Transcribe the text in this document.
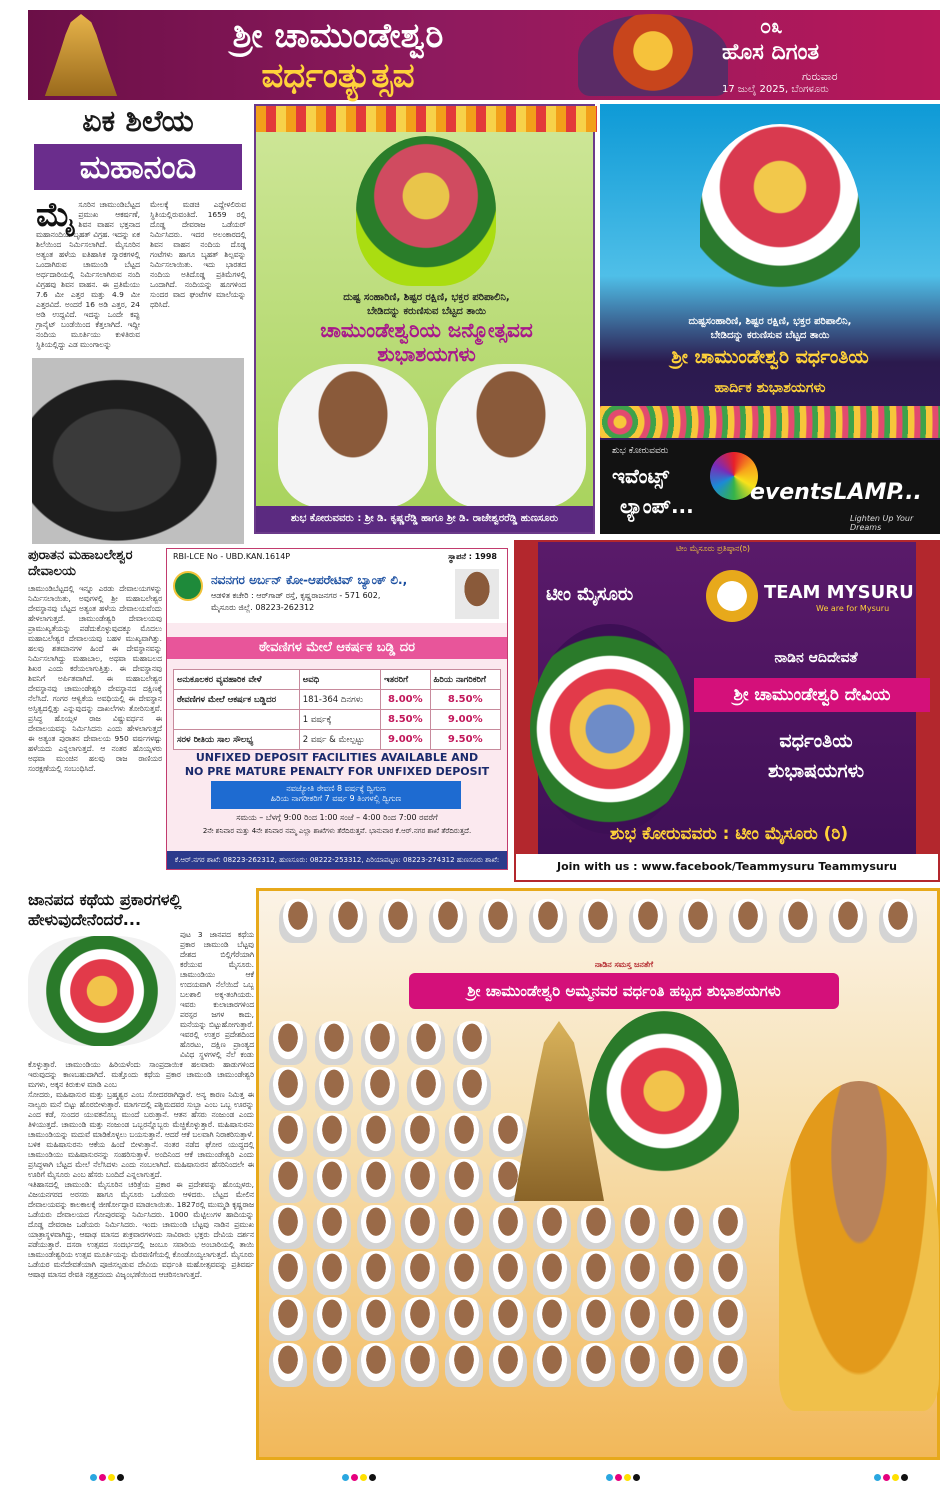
ಶ್ರೀ ಚಾಮುಂಡೇಶ್ವರಿ
ವರ್ಧಂತ್ಯುತ್ಸವ
೦೩
ಹೊಸ ದಿಗಂತ
ಗುರುವಾರ
17 ಜುಲೈ 2025, ಬೆಂಗಳೂರು
ಏಕ ಶಿಲೆಯ
ಮಹಾನಂದಿ
ಮೈಸೂರಿನ ಚಾಮುಂಡಿಬೆಟ್ಟದ ಪ್ರಮುಖ ಆಕರ್ಷಣೆ, ಶಿವನ ವಾಹನ ಭಕ್ತನಾದ ಮಹಾನಂದಿಯ ಬೃಹತ್ ವಿಗ್ರಹ. ಇದನ್ನು ಏಕ ಶಿಲೆಯಿಂದ ನಿರ್ಮಿಸಲಾಗಿದೆ. ಮೈಸೂರಿನ ಅತ್ಯಂತ ಹಳೆಯ ಐತಿಹಾಸಿಕ ಸ್ಮಾರಕಗಳಲ್ಲಿ ಒಂದಾಗಿರುವ ಚಾಮುಂಡಿ ಬೆಟ್ಟದ ಅರ್ಧದಾರಿಯಲ್ಲಿ ನಿರ್ಮಿಸಲಾಗಿರುವ ನಂದಿ ವಿಗ್ರಹವು ಶಿವನ ವಾಹನ. ಈ ಪ್ರತಿಮೆಯು 7.6 ಮೀ ಎತ್ತರ ಮತ್ತು 4.9 ಮೀ ಎತ್ತರವಿದೆ. ಅಂದರೆ 16 ಅಡಿ ಎತ್ತರ, 24 ಅಡಿ ಉದ್ದವಿದೆ. ಇದನ್ನು ಒಂದೇ ಕಪ್ಪು ಗ್ರಾನೈಟ್ ಬಂಡೆಯಿಂದ ಕೆತ್ತಲಾಗಿದೆ. ಇದ್ದೀ ನಂದಿಯ ಮೂರ್ತಿಯು ಕುಳಿತಿರುವ ಸ್ಥಿತಿಯಲ್ಲಿದ್ದು ಎಡ ಮುಂಗಾಲನ್ನು
ಮೇಲಕ್ಕೆ ಮಡಚಿ ಎದ್ದೇಳಲಿರುವ ಸ್ಥಿತಿಯಲ್ಲಿರುವಂತಿದೆ. 1659 ರಲ್ಲಿ ದೊಡ್ಡ ದೇವರಾಜ ಒಡೆಯರ್ ನಿರ್ಮಿಸಿದರು. ಇದರ ಅಲಂಕಾರದಲ್ಲಿ ಶಿವನ ವಾಹನ ನಂದಿಯ ದೊಡ್ಡ ಗಂಟೆಗಳು ಹಾಗೂ ಬೃಹತ್ ಶಿಲ್ಪವನ್ನು ನಿರ್ಮಿಸಲಾಯಿತು. ಇದು ಭಾರತದ ನಂದಿಯ ಅತಿದೊಡ್ಡ ಪ್ರತಿಮೆಗಳಲ್ಲಿ ಒಂದಾಗಿದೆ. ನಂದಿಯನ್ನು ಹೂಗಳಿಂದ ಸುಂದರ ವಾದ ಘಂಟೆಗಳ ಮಾಲೆಯನ್ನು ಧರಿಸಿದೆ.
ದುಷ್ಟ ಸಂಹಾರಿಣಿ, ಶಿಷ್ಟರ ರಕ್ಷಿಣಿ, ಭಕ್ತರ ಪರಿಪಾಲಿನಿ,
ಬೇಡಿದನ್ನು ಕರುಣಿಸುವ ಬೆಟ್ಟದ ತಾಯಿ
ಚಾಮುಂಡೇಶ್ವರಿಯ ಜನ್ಮೋತ್ಸವದ
ಶುಭಾಶಯಗಳು
ಶುಭ ಕೋರುವವರು : ಶ್ರೀ ಡಿ. ಕೃಷ್ಣರೆಡ್ಡಿ ಹಾಗೂ ಶ್ರೀ ಡಿ. ರಾಜೇಶ್ವರರೆಡ್ಡಿ ಹುಣಸೂರು
ದುಷ್ಟಸಂಹಾರಿಣಿ, ಶಿಷ್ಟರ ರಕ್ಷಿಣಿ, ಭಕ್ತರ ಪರಿಪಾಲಿನಿ,
ಬೇಡಿದನ್ನು ಕರುಣಿಸುವ ಬೆಟ್ಟದ ತಾಯಿ
ಶ್ರೀ ಚಾಮುಂಡೇಶ್ವರಿ ವರ್ಧಂತಿಯ
ಹಾರ್ದಿಕ ಶುಭಾಶಯಗಳು
ಶುಭ ಕೋರುವವರು
ಇವೆಂಟ್ಸ್
ಲ್ಯಾಂಪ್...
eventsLAMP...
Lighten Up Your Dreams
ಪುರಾತನ ಮಹಾಬಲೇಶ್ವರ ದೇವಾಲಯ
ಚಾಮುಂಡಿಬೆಟ್ಟದಲ್ಲಿ ಇನ್ನೂ ಎರಡು ದೇವಾಲಯಗಳನ್ನು ನಿರ್ಮಿಸಲಾಯಿತು, ಅವುಗಳಲ್ಲಿ ಶ್ರೀ ಮಹಾಬಲೇಶ್ವರ ದೇವಸ್ಥಾನವು ಬೆಟ್ಟದ ಅತ್ಯಂತ ಹಳೆಯ ದೇವಾಲಯವೆಂದು ಹೇಳಲಾಗುತ್ತದೆ. ಚಾಮುಂಡೇಶ್ವರಿ ದೇವಾಲಯವು ಪ್ರಾಮುಖ್ಯತೆಯನ್ನು ಪಡೆದುಕೊಳ್ಳುವುದಕ್ಕೂ ಮೊದಲು ಮಹಾಬಲೇಶ್ವರ ದೇವಾಲಯವು ಬಹಳ ಮುಖ್ಯವಾಗಿತ್ತು. ಹಲವು ಶತಮಾನಗಳ ಹಿಂದೆ ಈ ದೇವಸ್ಥಾನವನ್ನು ನಿರ್ಮಿಸಲಾಗಿದ್ದು ಮಹಾಬಾಲ, ಅಥವಾ ಮಹಾಬಲದ ಶಿಖರ ಎಂದು ಕರೆಯಲಾಗುತ್ತಿತ್ತು. ಈ ದೇವಸ್ಥಾನವು ಶಿವನಿಗೆ ಅರ್ಪಿತವಾಗಿದೆ. ಈ ಮಹಾಬಲೇಶ್ವರ ದೇವಸ್ಥಾನವು ಚಾಮುಂಡೇಶ್ವರಿ ದೇವಸ್ಥಾನದ ದಕ್ಷಿಣಕ್ಕೆ ನೆಲೆಸಿದೆ. ಗಂಗರ ಆಳ್ವಿಕೆಯ ಅವಧಿಯಲ್ಲಿ ಈ ದೇವಸ್ಥಾನ ಅಸ್ತಿತ್ವದಲ್ಲಿತ್ತು ಎನ್ನುವುದನ್ನು ದಾಖಲೆಗಳು ತೋರಿಸುತ್ತವೆ. ಪ್ರಸಿದ್ಧ ಹೊಯ್ಸಳ ರಾಜ ವಿಷ್ಣುವರ್ಧನ ಈ ದೇವಾಲಯವನ್ನು ನಿರ್ಮಿಸಿದನು ಎಂದು ಹೇಳಲಾಗುತ್ತದೆ ಈ ಅತ್ಯಂತ ಪುರಾತನ ದೇವಾಲಯ 950 ವರ್ಷಗಳಷ್ಟು ಹಳೆಯದು ಎನ್ನಲಾಗುತ್ತದೆ. ಆ ನಂತರ ಹೊಯ್ಸಳರು ಅಥವಾ ಮುಂಚಿನ ಹಲವು ರಾಜ ರಾಣಿಯರ ಸಂರಕ್ಷಣೆಯಲ್ಲಿ ಸಂಬಂಧಿಸಿದೆ.
RBI-LCE No - UBD.KAN.1614P	ಸ್ಥಾಪನೆ : 1998
ನವನಗರ ಅರ್ಬನ್ ಕೋ-ಆಪರೇಟಿವ್ ಬ್ಯಾಂಕ್ ಲಿ.,
ಆಡಳಿತ ಕಚೇರಿ : ಆರ್‌ಗಾಡ್ ರಸ್ತೆ, ಕೃಷ್ಣರಾಜನಗರ - 571 602,
ಮೈಸೂರು ಜಿಲ್ಲೆ. 08223-262312
ಠೇವಣಿಗಳ ಮೇಲೆ ಆಕರ್ಷಕ ಬಡ್ಡಿ ದರ
ಅನುಕೂಲಕರ ವ್ಯವಹಾರಿಕ ವೇಳೆ	ಅವಧಿ	ಇತರರಿಗೆ	ಹಿರಿಯ ನಾಗರಿಕರಿಗೆ
ಠೇವಣಿಗಳ ಮೇಲೆ ಆಕರ್ಷಕ ಬಡ್ಡಿದರ	181-364 ದಿನಗಳು	8.00%	8.50%
	1 ವರ್ಷಕ್ಕೆ	8.50%	9.00%
ಸರಳ ರೀತಿಯ ಸಾಲ ಸೌಲಭ್ಯ	2 ವರ್ಷ & ಮೇಲ್ಪಟ್ಟು	9.00%	9.50%
UNFIXED DEPOSIT FACILITIES AVAILABLE AND
NO PRE MATURE PENALTY FOR UNFIXED DEPOSIT
ನವಜ್ಯೋತಿ ಠೇವಣಿ 8 ವರ್ಷಕ್ಕೆ ದ್ವಿಗುಣ
ಹಿರಿಯ ನಾಗರೀಕರಿಗೆ 7 ವರ್ಷ 9 ತಿಂಗಳಲ್ಲಿ ದ್ವಿಗುಣ
ಸಮಯ – ಬೆಳಗ್ಗೆ 9:00 ರಿಂದ 1:00 ಸಂಜೆ – 4:00 ರಿಂದ 7:00 ರವರೆಗೆ
2ನೇ ಶನಿವಾರ ಮತ್ತು 4ನೇ ಶನಿವಾರ ನಮ್ಮ ಎಲ್ಲಾ ಶಾಖೆಗಳು ತೆರೆದಿರುತ್ತವೆ. ಭಾನುವಾರ ಕೆ.ಆರ್.ನಗರ ಶಾಖೆ ತೆರೆದಿರುತ್ತದೆ.
ಕೆ.ಆರ್.ನಗರ ಶಾಖೆ: 08223-262312, ಹುಣಸೂರು: 08222-253312, ಪಿರಿಯಾಪಟ್ಟಣ: 08223-274312 ಹುಣಸೂರು ಶಾಖೆ: 0821-244312
ಟೀಂ ಮೈಸೂರು ಪ್ರತಿಷ್ಠಾನ(ರಿ)
ಟೀಂ ಮೈಸೂರು	TEAM MYSURU
We are for Mysuru
ನಾಡಿನ ಆದಿದೇವತೆ
ಶ್ರೀ ಚಾಮುಂಡೇಶ್ವರಿ ದೇವಿಯ
ವರ್ಧಂತಿಯ
ಶುಭಾಷಯಗಳು
ಶುಭ ಕೋರುವವರು : ಟೀಂ ಮೈಸೂರು (ರಿ)
Join with us : www.facebook/Teammysuru Teammysuru
ಜಾನಪದ ಕಥೆಯ ಪ್ರಕಾರಗಳಲ್ಲಿ ಹೇಳುವುದೇನೆಂದರೆ...
ಪುಟ 3 ಜಾನಪದ ಕಥೆಯ ಪ್ರಕಾರ ಚಾಮುಂಡಿ ಬೆಟ್ಟವು ದೇಶದ ಬಿಲ್ಲಿಗೆರೆಯಾಗಿ ಕರೆಯುವ ಮೈಸೂರು. ಚಾಮುಂಡಿಯು ಆಕೆ ಉದಯವಾಗಿ ನೆಲೆಯಿದೆ ಒಬ್ಬ ಬಲಶಾಲಿ ಅಕ್ಕ-ತಂಗಿಯರು. ಇವರು ಕುಲಾಚಾರಗಳಿಂದ ಪರಸ್ಪರ ಜಗಳ ಕಾದು, ಮನೆಯನ್ನು ಬಿಟ್ಟುಹೋಗುತ್ತಾರೆ. ಇವರಲ್ಲಿ ಉತ್ತರ ಪ್ರದೇಶದಿಂದ ಹೊರಟು, ದಕ್ಷಿಣ ಪ್ರಾಂತ್ಯದ ವಿವಿಧ ಸ್ಥಳಗಳಲ್ಲಿ ನೆಲೆ ಕಂಡು ಕೊಳ್ಳುತ್ತಾರೆ. ಚಾಮುಂಡಿಯು ಹಿರಿಯಳೆಂದು ಸಾಂಪ್ರದಾಯಿಕ ಹಲವಾರು ಹಾಡುಗಳಿಂದ ಇರುವುದನ್ನು ಕಾಣಬಹುದಾಗಿದೆ. ಮತ್ತೊಂದು ಕಥೆಯ ಪ್ರಕಾರ ಚಾಮುಂಡಿ ಚಾಮುಂಡೇಶ್ವರಿ ಮಗಳು, ಅಕ್ಕನ ಕಿರುಕುಳ ಮಾಡಿ ಎಂಬ
ಸೋದರು, ಮಹಿಷಾಸುರ ಮತ್ತು ಬ್ರಹ್ಮಶ್ವರ ಎಂಬ ಸೋದರರಾಗಿದ್ದಾರೆ. ಅನ್ಯ ಕಾರಣ ನಿಮಿತ್ತ ಈ ನಾಲ್ವರು ಮನೆ ಬಿಟ್ಟು ಹೊರಬೀಳುತ್ತಾರೆ. ಮಾರ್ಗದಲ್ಲಿ ಪಶ್ಚಿಮದವರ ಸುಬ್ಬಾ ಎಂಬ ಒಬ್ಬ ಊರನ್ನು ಎಂದ ಕಡೆ, ಸುಂದರ ಯುವಕನೊಬ್ಬ ಮುಂದೆ ಬರುತ್ತಾನೆ. ಆತನ ಹೆಸರು ನಂಜುಂಡ ಎಂದು ತಿಳಿಯುತ್ತದೆ. ಚಾಮುಂಡಿ ಮತ್ತು ನಂಜುಂಡ ಒಬ್ಬರನ್ನೊಬ್ಬರು ಮೆಚ್ಚಿಕೊಳ್ಳುತ್ತಾರೆ. ಮಹಿಷಾಸುರನು ಚಾಮುಂಡಿಯನ್ನು ಮದುವೆ ಮಾಡಿಕೊಳ್ಳಲು ಬಯಸುತ್ತಾನೆ. ಆದರೆ ಆಕೆ ಬಲವಾಗಿ ನಿರಾಕರಿಸುತ್ತಾಳೆ. ಬಳಿಕ ಮಹಿಷಾಸುರನು ಆಕೆಯ ಹಿಂದೆ ಬೀಳುತ್ತಾನೆ. ನಂತರ ನಡೆದ ಘೋರ ಯುದ್ಧದಲ್ಲಿ ಚಾಮುಂಡಿಯು ಮಹಿಷಾಸುರನನ್ನು ಸಂಹರಿಸುತ್ತಾಳೆ. ಅಂದಿನಿಂದ ಆಕೆ ಚಾಮುಂಡೇಶ್ವರಿ ಎಂದು ಪ್ರಸಿದ್ಧಳಾಗಿ ಬೆಟ್ಟದ ಮೇಲೆ ನೆಲೆಸಿದಳು ಎಂದು ನಂಬಲಾಗಿದೆ. ಮಹಿಷಾಸುರನ ಹೆಸರಿನಿಂದಲೇ ಈ ಊರಿಗೆ ಮೈಸೂರು ಎಂಬ ಹೆಸರು ಬಂದಿದೆ ಎನ್ನಲಾಗುತ್ತದೆ.
ಇತಿಹಾಸದಲ್ಲಿ ಚಾಮುಂಡಿ: ಮೈಸೂರಿನ ಚರಿತ್ರೆಯ ಪ್ರಕಾರ ಈ ಪ್ರದೇಶವನ್ನು ಹೊಯ್ಸಳರು, ವಿಜಯನಗರದ ಅರಸರು ಹಾಗೂ ಮೈಸೂರು ಒಡೆಯರು ಆಳಿದರು. ಬೆಟ್ಟದ ಮೇಲಿನ ದೇವಾಲಯವನ್ನು ಕಾಲಕಾಲಕ್ಕೆ ಜೀರ್ಣೋದ್ಧಾರ ಮಾಡಲಾಯಿತು. 1827ರಲ್ಲಿ ಮುಮ್ಮಡಿ ಕೃಷ್ಣರಾಜ ಒಡೆಯರು ದೇವಾಲಯದ ಗೋಪುರವನ್ನು ನಿರ್ಮಿಸಿದರು. 1000 ಮೆಟ್ಟಿಲುಗಳ ಹಾದಿಯನ್ನು ದೊಡ್ಡ ದೇವರಾಜ ಒಡೆಯರು ನಿರ್ಮಿಸಿದರು. ಇಂದು ಚಾಮುಂಡಿ ಬೆಟ್ಟವು ನಾಡಿನ ಪ್ರಮುಖ ಯಾತ್ರಾಸ್ಥಳವಾಗಿದ್ದು, ಆಷಾಢ ಮಾಸದ ಶುಕ್ರವಾರಗಳಂದು ಸಾವಿರಾರು ಭಕ್ತರು ದೇವಿಯ ದರ್ಶನ ಪಡೆಯುತ್ತಾರೆ. ದಸರಾ ಉತ್ಸವದ ಸಂದರ್ಭದಲ್ಲಿ ಜಂಬೂ ಸವಾರಿಯ ಅಂಬಾರಿಯಲ್ಲಿ ತಾಯಿ ಚಾಮುಂಡೇಶ್ವರಿಯ ಉತ್ಸವ ಮೂರ್ತಿಯನ್ನು ಮೆರವಣಿಗೆಯಲ್ಲಿ ಕೊಂಡೊಯ್ಯಲಾಗುತ್ತದೆ. ಮೈಸೂರು ಒಡೆಯರ ಮನೆದೇವತೆಯಾಗಿ ಪೂಜಿಸಲ್ಪಡುವ ದೇವಿಯ ವರ್ಧಂತಿ ಮಹೋತ್ಸವವನ್ನು ಪ್ರತಿವರ್ಷ ಆಷಾಢ ಮಾಸದ ರೇವತಿ ನಕ್ಷತ್ರದಂದು ವಿಜೃಂಭಣೆಯಿಂದ ಆಚರಿಸಲಾಗುತ್ತದೆ.
ನಾಡಿನ ಸಮಸ್ತ ಜನತೆಗೆ
ಶ್ರೀ ಚಾಮುಂಡೇಶ್ವರಿ ಅಮ್ಮನವರ ವರ್ಧಂತಿ ಹಬ್ಬದ ಶುಭಾಶಯಗಳು
